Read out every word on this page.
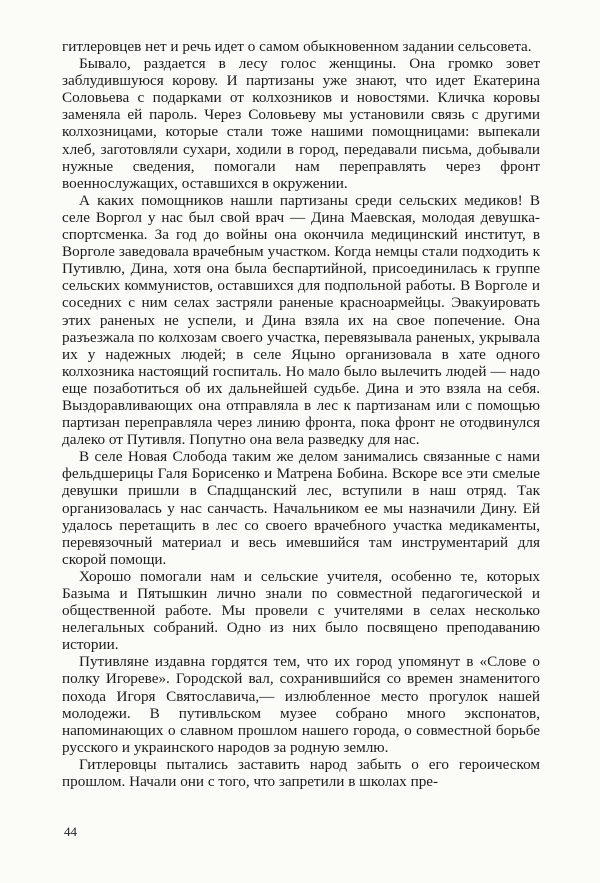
гитлеровцев нет и речь идет о самом обыкновенном задании сельсовета.

Бывало, раздается в лесу голос женщины. Она громко зовет заблудившуюся корову. И партизаны уже знают, что идет Екатерина Соловьева с подарками от колхозников и новостями. Кличка коровы заменяла ей пароль. Через Соловьеву мы установили связь с другими колхозницами, которые стали тоже нашими помощницами: выпекали хлеб, заготовляли сухари, ходили в город, передавали письма, добывали нужные сведения, помогали нам переправлять через фронт военнослужащих, оставшихся в окружении.

А каких помощников нашли партизаны среди сельских медиков! В селе Воргол у нас был свой врач — Дина Маевская, молодая девушка-спортсменка. За год до войны она окончила медицинский институт, в Ворголе заведовала врачебным участком. Когда немцы стали подходить к Путивлю, Дина, хотя она была беспартийной, присоединилась к группе сельских коммунистов, оставшихся для подпольной работы. В Ворголе и соседних с ним селах застряли раненые красноармейцы. Эвакуировать этих раненых не успели, и Дина взяла их на свое попечение. Она разъезжала по колхозам своего участка, перевязывала раненых, укрывала их у надежных людей; в селе Яцыно организовала в хате одного колхозника настоящий госпиталь. Но мало было вылечить людей — надо еще позаботиться об их дальнейшей судьбе. Дина и это взяла на себя. Выздоравливающих она отправляла в лес к партизанам или с помощью партизан переправляла через линию фронта, пока фронт не отодвинулся далеко от Путивля. Попутно она вела разведку для нас.

В селе Новая Слобода таким же делом занимались связанные с нами фельдшерицы Галя Борисенко и Матрена Бобина. Вскоре все эти смелые девушки пришли в Спадщанский лес, вступили в наш отряд. Так организовалась у нас санчасть. Начальником ее мы назначили Дину. Ей удалось перетащить в лес со своего врачебного участка медикаменты, перевязочный материал и весь имевшийся там инструментарий для скорой помощи.

Хорошо помогали нам и сельские учителя, особенно те, которых Базыма и Пятышкин лично знали по совместной педагогической и общественной работе. Мы провели с учителями в селах несколько нелегальных собраний. Одно из них было посвящено преподаванию истории.

Путивляне издавна гордятся тем, что их город упомянут в «Слове о полку Игореве». Городской вал, сохранившийся со времен знаменитого похода Игоря Святославича,— излюбленное место прогулок нашей молодежи. В путивльском музее собрано много экспонатов, напоминающих о славном прошлом нашего города, о совместной борьбе русского и украинского народов за родную землю.

Гитлеровцы пытались заставить народ забыть о его героическом прошлом. Начали они с того, что запретили в школах пре-

44
